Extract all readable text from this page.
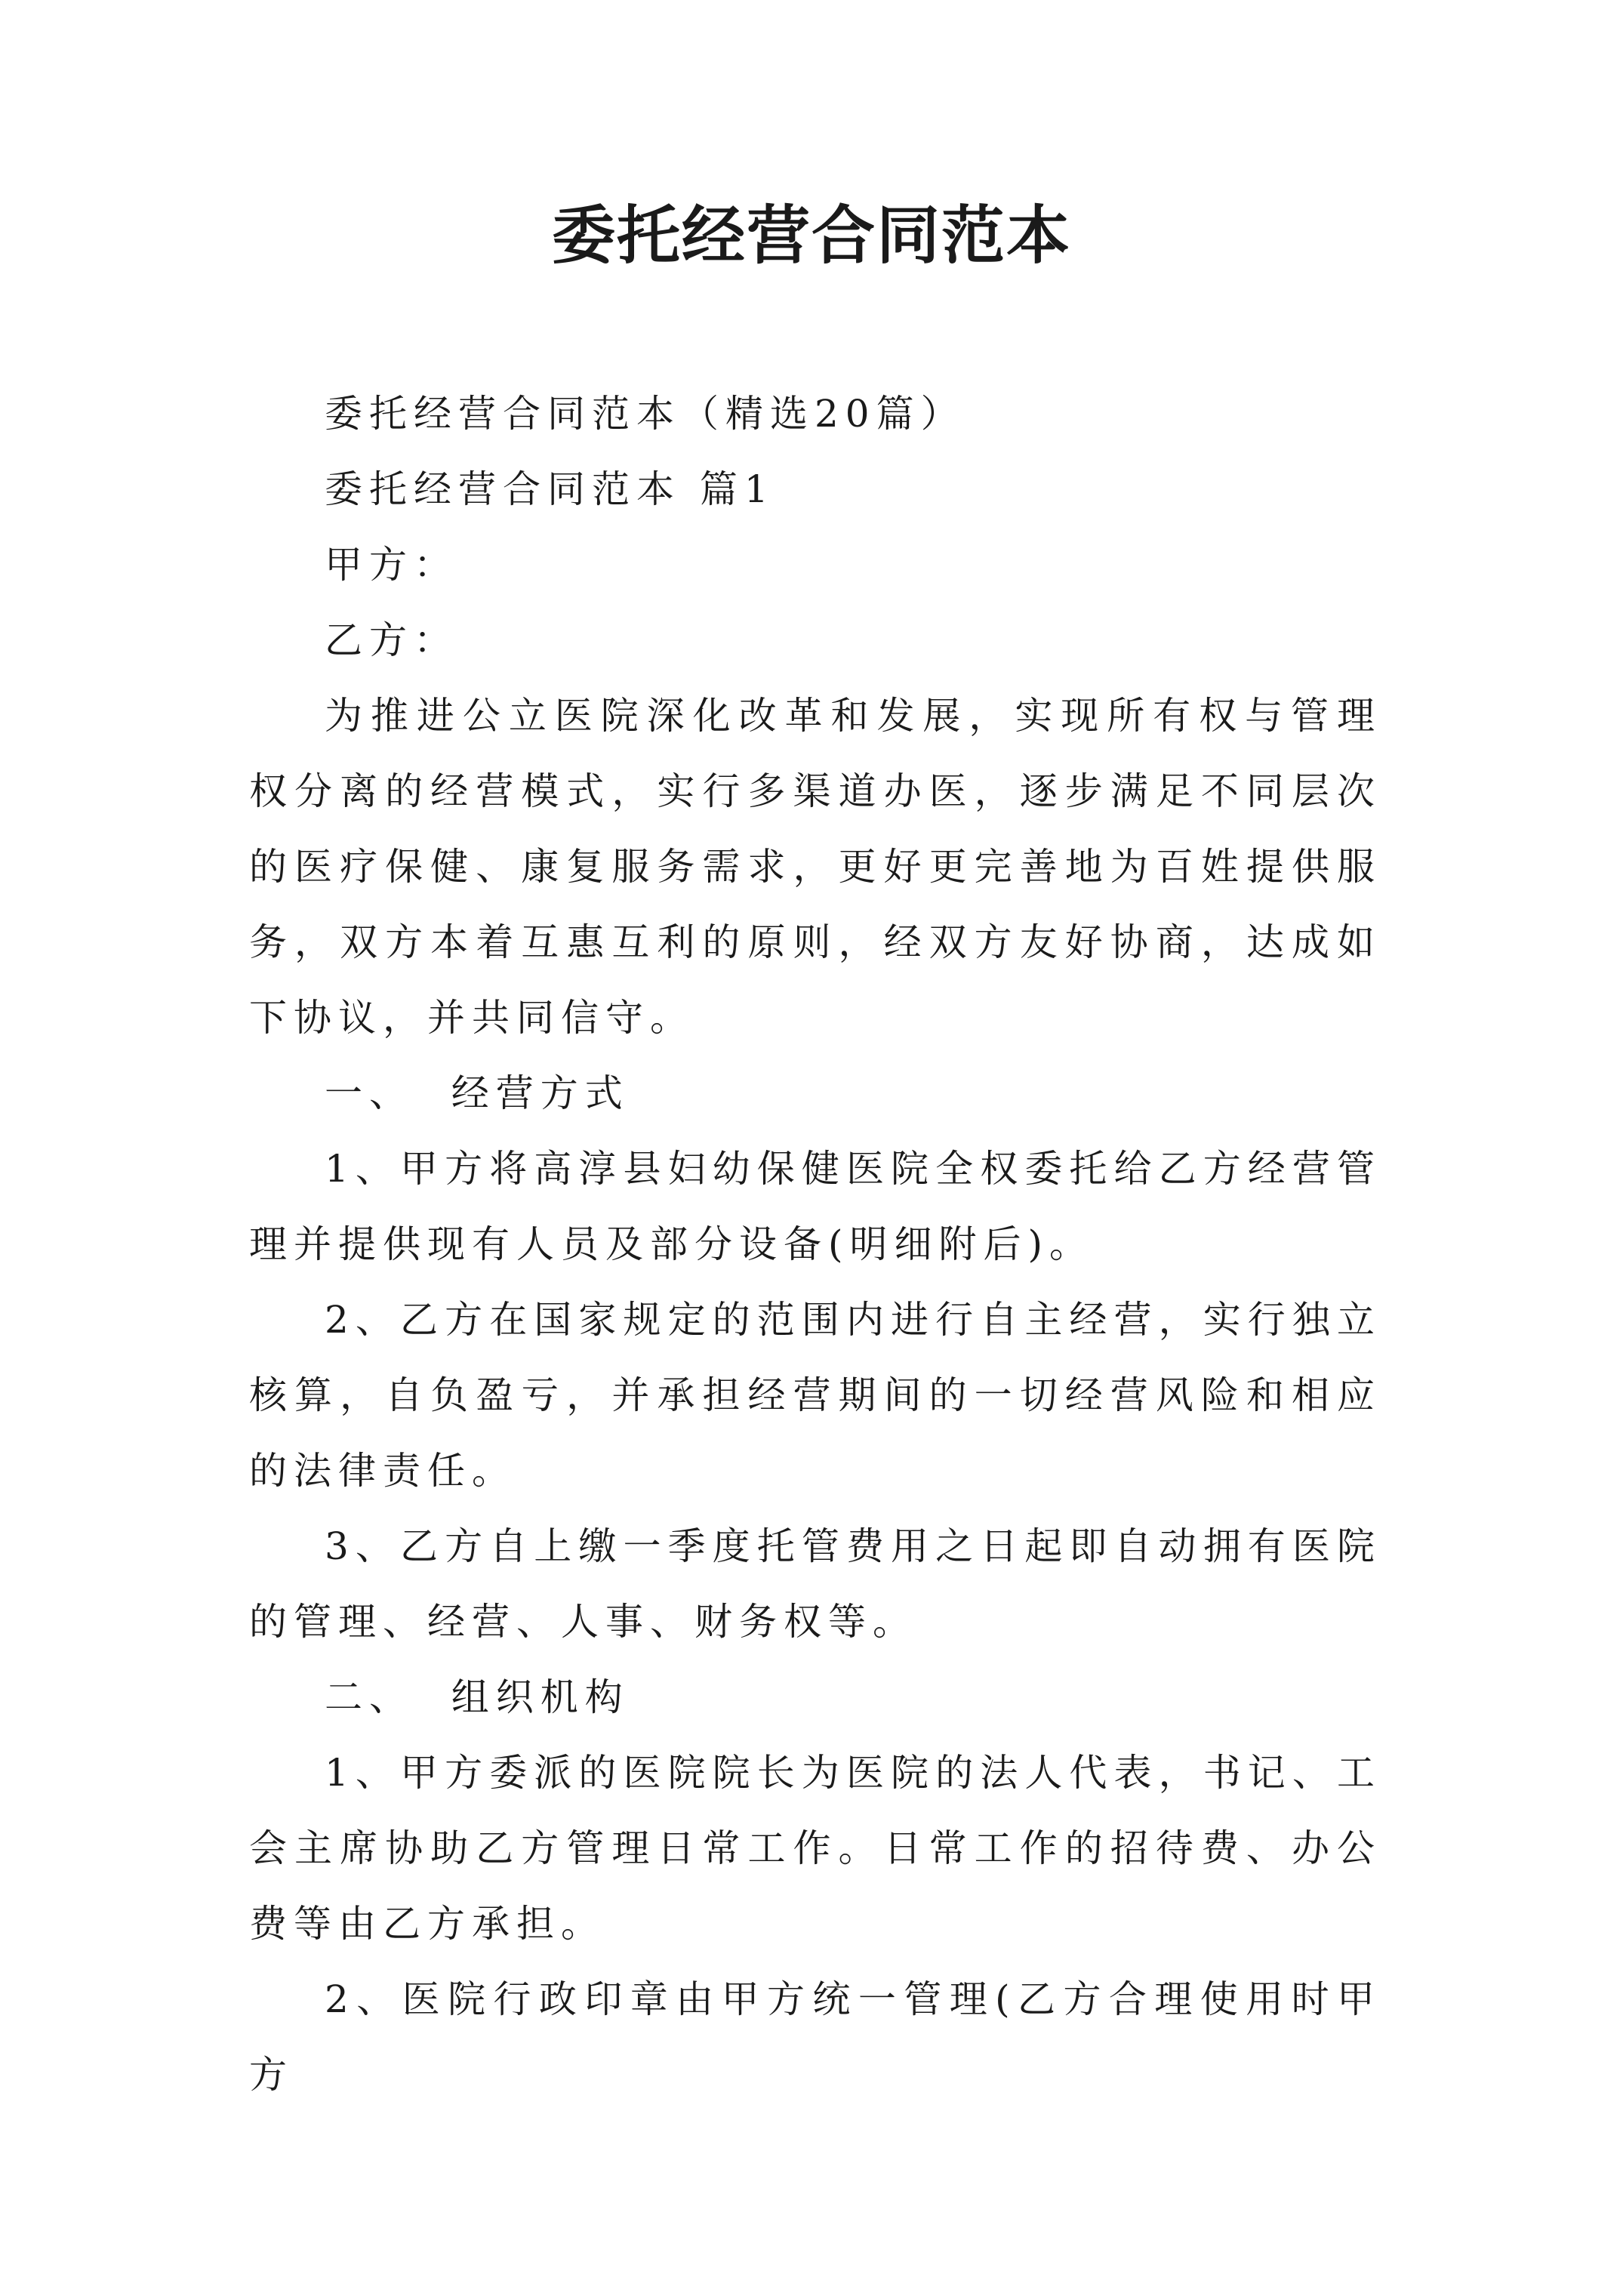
委托经营合同范本

委托经营合同范本（精选20篇）

委托经营合同范本 篇1

甲方：

乙方：

为推进公立医院深化改革和发展，实现所有权与管理权分离的经营模式，实行多渠道办医，逐步满足不同层次的医疗保健、康复服务需求，更好更完善地为百姓提供服务，双方本着互惠互利的原则，经双方友好协商，达成如下协议，并共同信守。

一、  经营方式

1、甲方将高淳县妇幼保健医院全权委托给乙方经营管理并提供现有人员及部分设备(明细附后)。

2、乙方在国家规定的范围内进行自主经营，实行独立核算，自负盈亏，并承担经营期间的一切经营风险和相应的法律责任。

3、乙方自上缴一季度托管费用之日起即自动拥有医院的管理、经营、人事、财务权等。

二、  组织机构

1、甲方委派的医院院长为医院的法人代表，书记、工会主席协助乙方管理日常工作。日常工作的招待费、办公费等由乙方承担。

2、医院行政印章由甲方统一管理(乙方合理使用时甲方
